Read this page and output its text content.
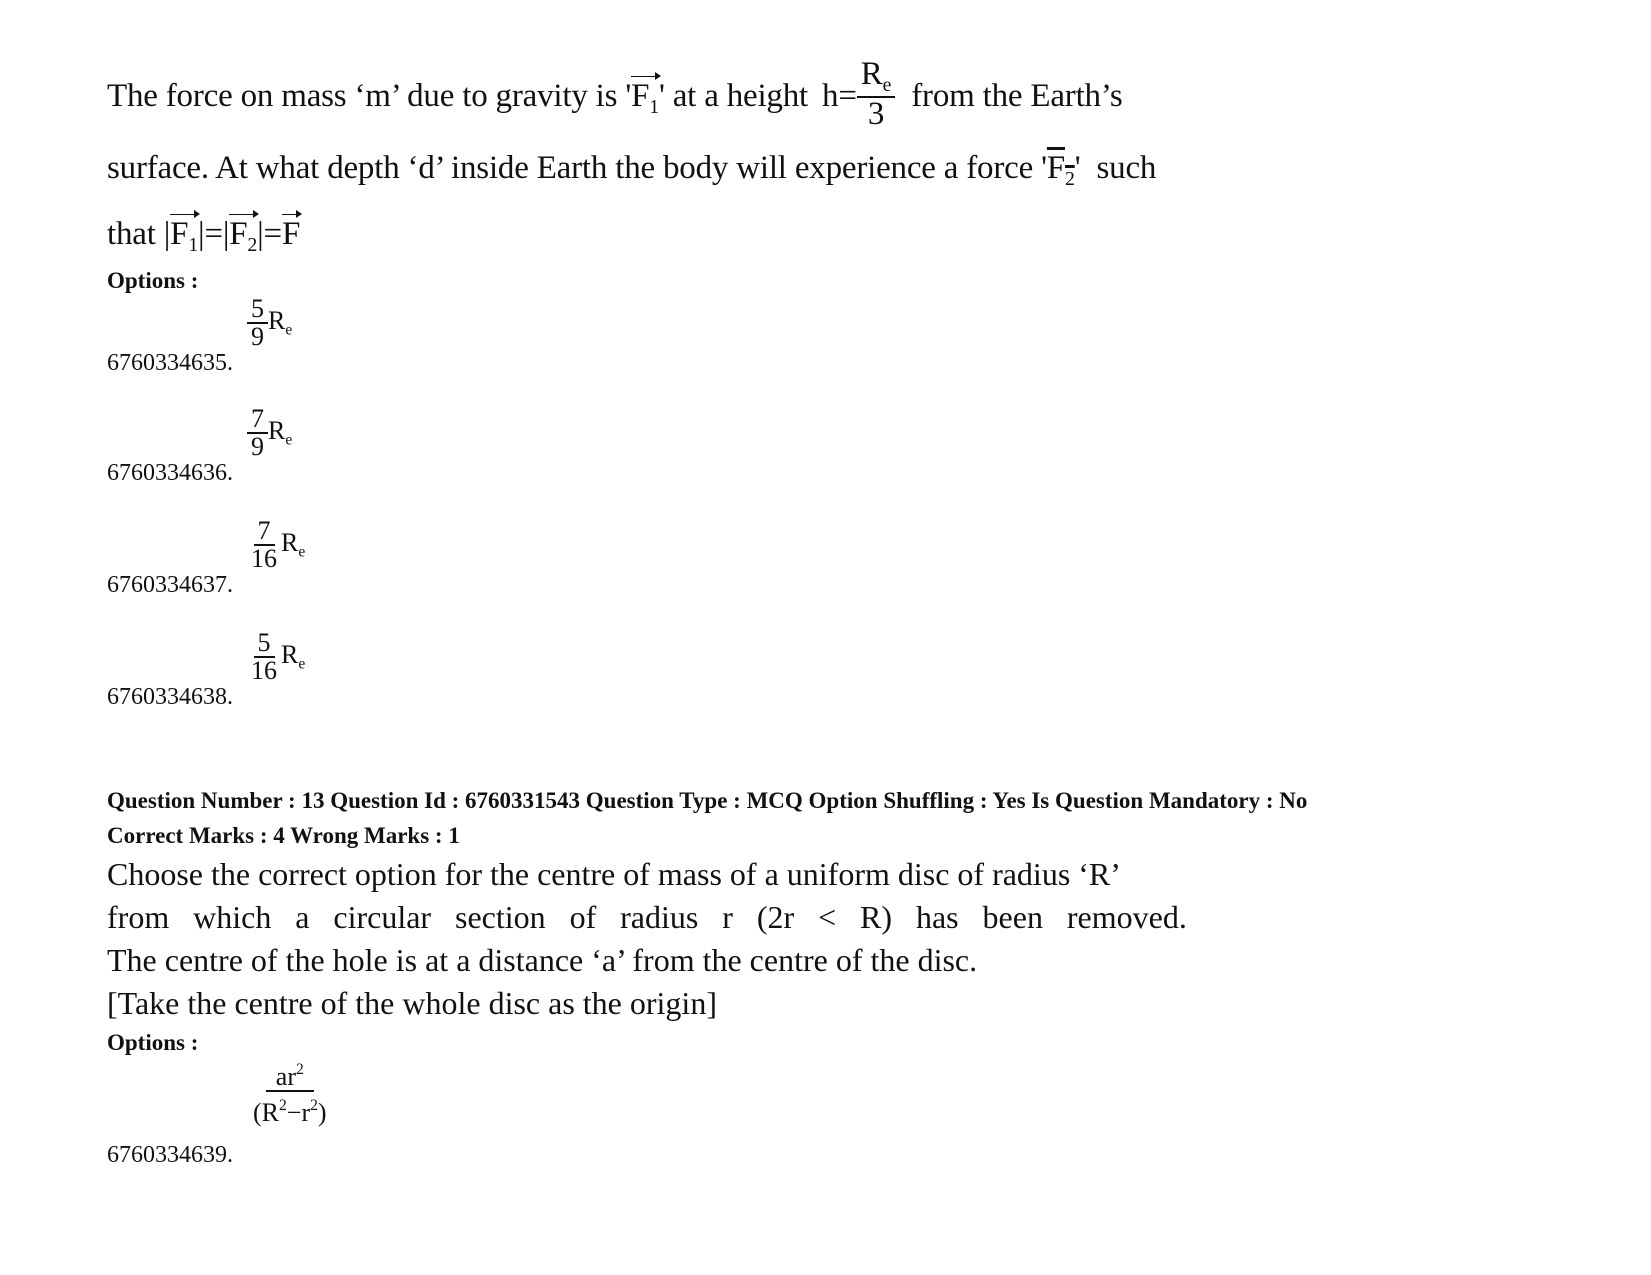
The force on mass ‘m’ due to gravity is '$F_1$' at a height $h= \frac{R_e}{3}$ from the Earth’s
surface. At what depth ‘d’ inside Earth the body will experience a force '$F_2$' such
that $|F_1|=|F_2|=F$
Options :
6760334635.
$\frac{5}{9} R_e$
6760334636.
$\frac{7}{9} R_e$
6760334637.
$\frac{7}{16} R_e$
6760334638.
$\frac{5}{16} R_e$
Question Number : 13 Question Id : 6760331543 Question Type : MCQ Option Shuffling : Yes Is Question Mandatory : No
Correct Marks : 4 Wrong Marks : 1
Choose the correct option for the centre of mass of a uniform disc of radius ‘R’
from which a circular section of radius r (2r < R) has been removed.
The centre of the hole is at a distance ‘a’ from the centre of the disc.
[Take the centre of the whole disc as the origin]
Options :
6760334639.
$\frac{ar^2}{(R^2-r^2)}$
